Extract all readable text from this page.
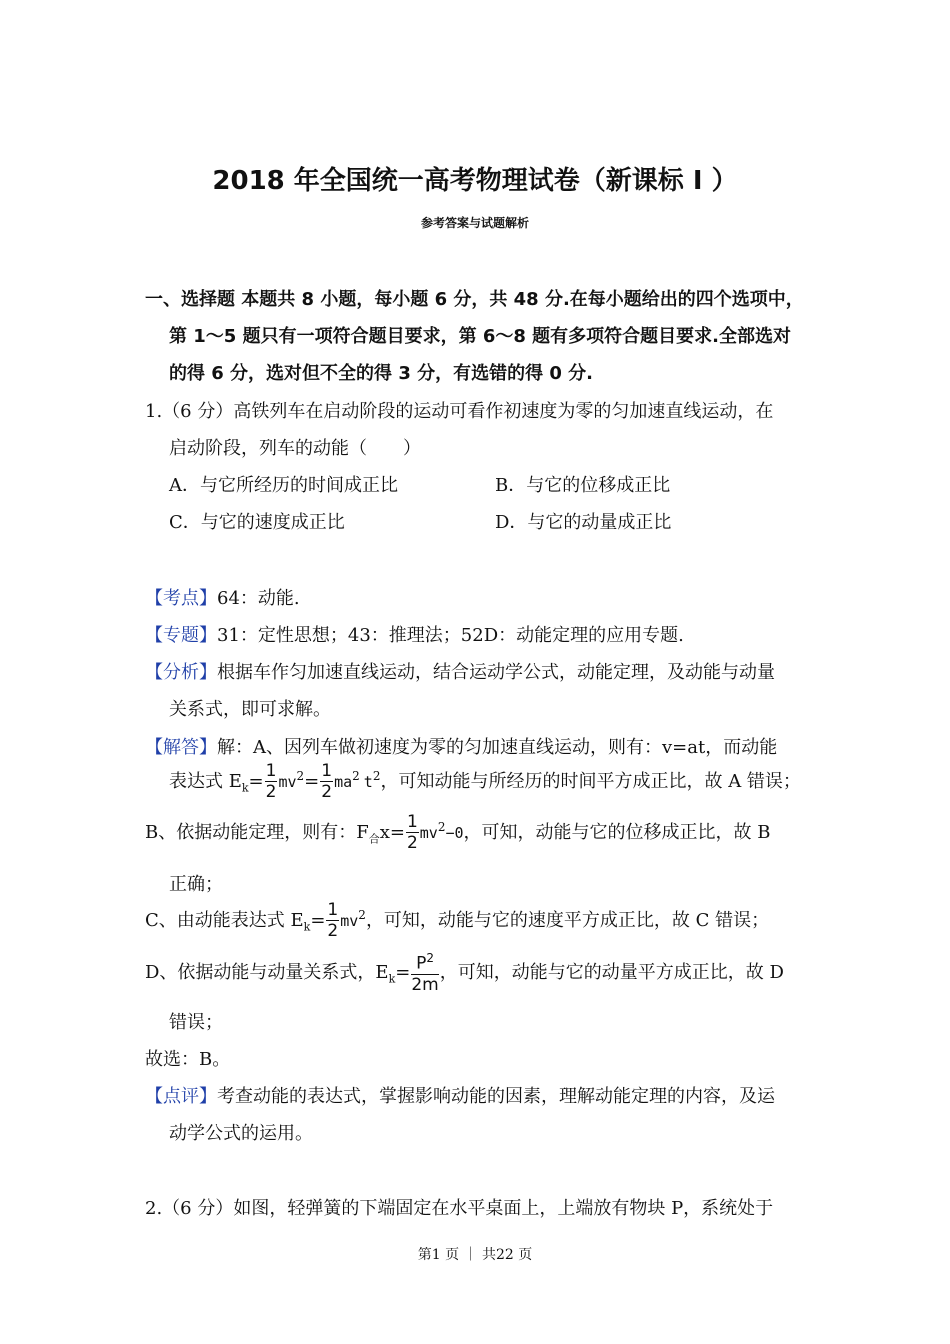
2018 年全国统一高考物理试卷（新课标 I ）
参考答案与试题解析
一、选择题 本题共 8 小题，每小题 6 分，共 48 分.在每小题给出的四个选项中，
第 1～5 题只有一项符合题目要求，第 6～8 题有多项符合题目要求.全部选对
的得 6 分，选对但不全的得 3 分，有选错的得 0 分.
1.（6 分）高铁列车在启动阶段的运动可看作初速度为零的匀加速直线运动，在
启动阶段，列车的动能（　　）
A．与它所经历的时间成正比	B．与它的位移成正比
C．与它的速度成正比	D．与它的动量成正比
【考点】64：动能.
【专题】31：定性思想；43：推理法；52D：动能定理的应用专题.
【分析】根据车作匀加速直线运动，结合运动学公式，动能定理，及动能与动量
关系式，即可求解。
【解答】解：A、因列车做初速度为零的匀加速直线运动，则有：v=at，而动能
表达式 $E_k= \frac{1}{2} mv^2= \frac{1}{2} ma^2$ $t^2$，可知动能与所经历的时间平方成正比，故 A 错误；
B、依据动能定理，则有：$F_合x= \frac{1}{2} mv^2-0$，可知，动能与它的位移成正比，故 B
正确；
C、由动能表达式 $E_k= \frac{1}{2} mv^2$，可知，动能与它的速度平方成正比，故 C 错误；
D、依据动能与动量关系式，$E_k= \frac{P^2}{2m}$ ，可知，动能与它的动量平方成正比，故 D
错误；
故选：B。
【点评】考查动能的表达式，掌握影响动能的因素，理解动能定理的内容，及运
动学公式的运用。
2.（6 分）如图，轻弹簧的下端固定在水平桌面上，上端放有物块 P，系统处于
第1 页 ｜ 共22 页
